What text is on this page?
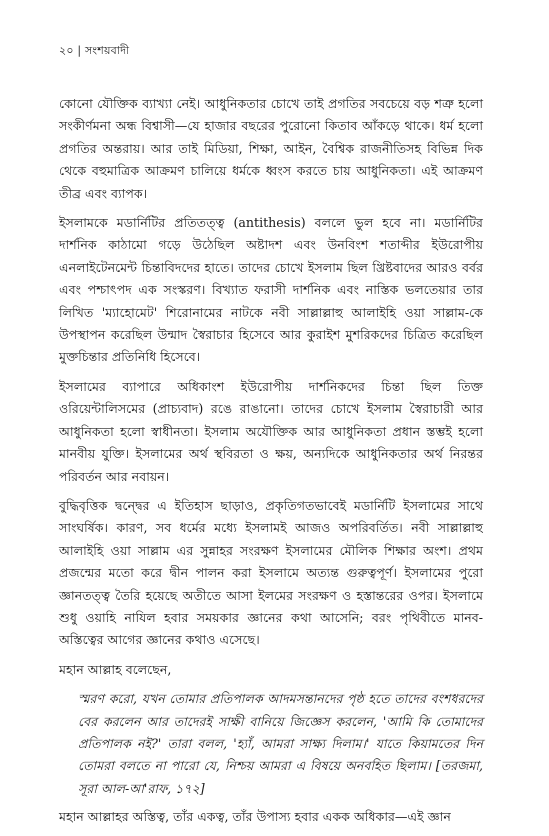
২০ | সংশয়বাদী

কোনো যৌক্তিক ব্যাখ্যা নেই। আধুনিকতার চোখে তাই প্রগতির সবচেয়ে বড় শত্রু হলো সংকীর্ণমনা অন্ধ বিশ্বাসী—যে হাজার বছরের পুরোনো কিতাব আঁকড়ে থাকে। ধর্ম হলো প্রগতির অন্তরায়। আর তাই মিডিয়া, শিক্ষা, আইন, বৈশ্বিক রাজনীতিসহ বিভিন্ন দিক থেকে বহুমাত্রিক আক্রমণ চালিয়ে ধর্মকে ধ্বংস করতে চায় আধুনিকতা। এই আক্রমণ তীব্র এবং ব্যাপক।

ইসলামকে মডার্নিটির প্রতিতত্ত্ব (antithesis) বললে ভুল হবে না। মডার্নিটির দার্শনিক কাঠামো গড়ে উঠেছিল অষ্টাদশ এবং উনবিংশ শতাব্দীর ইউরোপীয় এনলাইটেনমেন্ট চিন্তাবিদদের হাতে। তাদের চোখে ইসলাম ছিল খ্রিষ্টবাদের আরও বর্বর এবং পশ্চাৎপদ এক সংস্করণ। বিখ্যাত ফরাসী দার্শনিক এবং নাস্তিক ভলতেয়ার তার লিখিত 'ম্যাহোমেট' শিরোনামের নাটকে নবী সাল্লাল্লাহু আলাইহি ওয়া সাল্লাম-কে উপস্থাপন করেছিল উন্মাদ স্বৈরাচার হিসেবে আর কুরাইশ মুশরিকদের চিত্রিত করেছিল মুক্তচিন্তার প্রতিনিধি হিসেবে।

ইসলামের ব্যাপারে অধিকাংশ ইউরোপীয় দার্শনিকদের চিন্তা ছিল তিক্ত ওরিয়েন্টালিসমের (প্রাচ্যবাদ) রঙে রাঙানো। তাদের চোখে ইসলাম স্বৈরাচারী আর আধুনিকতা হলো স্বাধীনতা। ইসলাম অযৌক্তিক আর আধুনিকতা প্রধান স্তম্ভই হলো মানবীয় যুক্তি। ইসলামের অর্থ স্থবিরতা ও ক্ষয়, অন্যদিকে আধুনিকতার অর্থ নিরন্তর পরিবর্তন আর নবায়ন।

বুদ্ধিবৃত্তিক দ্বন্দ্বের এ ইতিহাস ছাড়াও, প্রকৃতিগতভাবেই মডার্নিটি ইসলামের সাথে সাংঘর্ষিক। কারণ, সব ধর্মের মধ্যে ইসলামই আজও অপরিবর্তিত। নবী সাল্লাল্লাহু আলাইহি ওয়া সাল্লাম এর সুন্নাহর সংরক্ষণ ইসলামের মৌলিক শিক্ষার অংশ। প্রথম প্রজন্মের মতো করে দ্বীন পালন করা ইসলামে অত্যন্ত গুরুত্বপূর্ণ। ইসলামের পুরো জ্ঞানতত্ত্ব তৈরি হয়েছে অতীতে আসা ইলমের সংরক্ষণ ও হস্তান্তরের ওপর। ইসলামে শুধু ওয়াহি নাযিল হবার সময়কার জ্ঞানের কথা আসেনি; বরং পৃথিবীতে মানব-অস্তিত্বের আগের জ্ঞানের কথাও এসেছে।

মহান আল্লাহ বলেছেন,

স্মরণ করো, যখন তোমার প্রতিপালক আদমসন্তানদের পৃষ্ঠ হতে তাদের বংশধরদের বের করলেন আর তাদেরই সাক্ষী বানিয়ে জিজ্ঞেস করলেন, 'আমি কি তোমাদের প্রতিপালক নই?' তারা বলল, 'হ্যাঁ, আমরা সাক্ষ্য দিলাম।' যাতে কিয়ামতের দিন তোমরা বলতে না পারো যে, নিশ্চয় আমরা এ বিষয়ে অনবহিত ছিলাম। [তরজমা, সূরা আল-আ'রাফ, ১৭২]

মহান আল্লাহর অস্তিত্ব, তাঁর একত্ব, তাঁর উপাস্য হবার একক অধিকার—এই জ্ঞান
